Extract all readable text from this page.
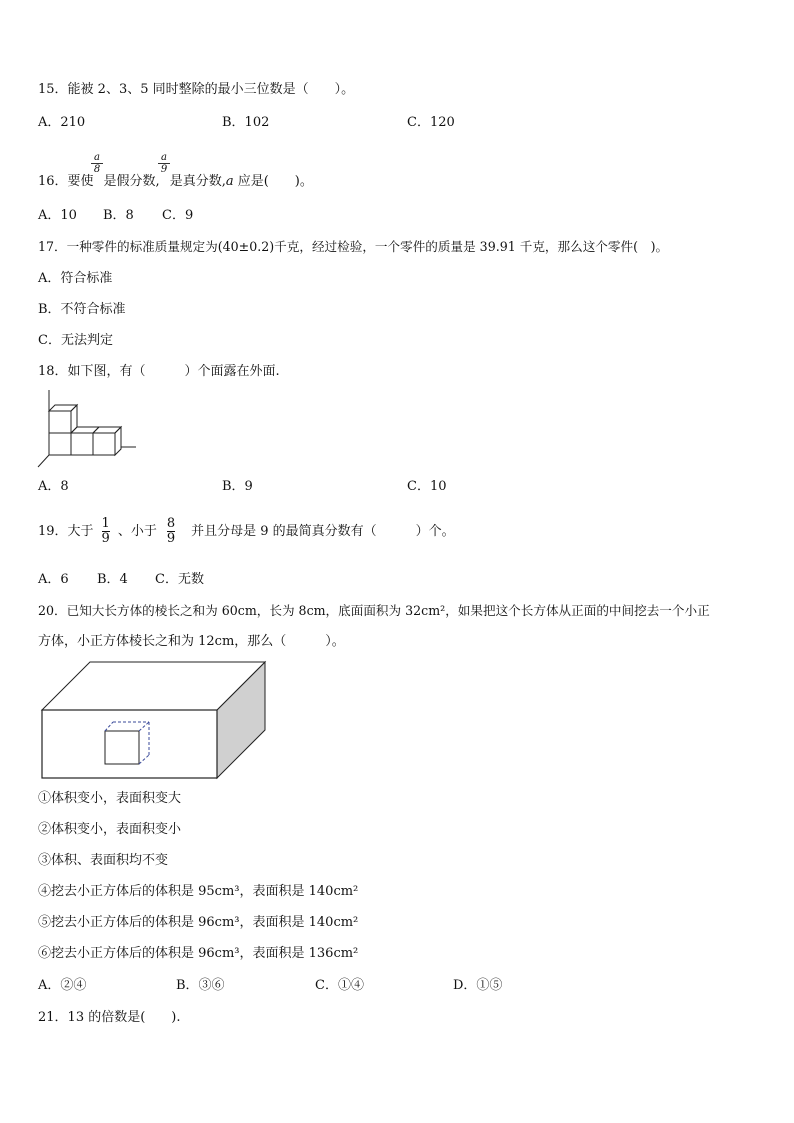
15．能被 2、3、5 同时整除的最小三位数是（　　）。
A．210	B．102	C．120
a
8
a
9
16．要使 是假分数, 是真分数,a 应是(　　)。
A．10 B．8 C．9
17．一种零件的标准质量规定为(40±0.2)千克，经过检验，一个零件的质量是 39.91 千克，那么这个零件(　)。
A．符合标准
B．不符合标准
C．无法判定
18．如下图，有（　　　）个面露在外面.
A．8	B．9	C．10
19．大于 $\frac{1}{9}$ 、小于 $\frac{8}{9}$ 并且分母是 9 的最简真分数有（　　　）个。
A．6 B．4 C．无数
20．已知大长方体的棱长之和为 60cm，长为 8cm，底面面积为 32cm²，如果把这个长方体从正面的中间挖去一个小正
方体，小正方体棱长之和为 12cm，那么（　　　）。
①体积变小，表面积变大
②体积变小，表面积变小
③体积、表面积均不变
④挖去小正方体后的体积是 95cm³，表面积是 140cm²
⑤挖去小正方体后的体积是 96cm³，表面积是 140cm²
⑥挖去小正方体后的体积是 96cm³，表面积是 136cm²
A．②④	B．③⑥	C．①④	D．①⑤
21．13 的倍数是(　　).
